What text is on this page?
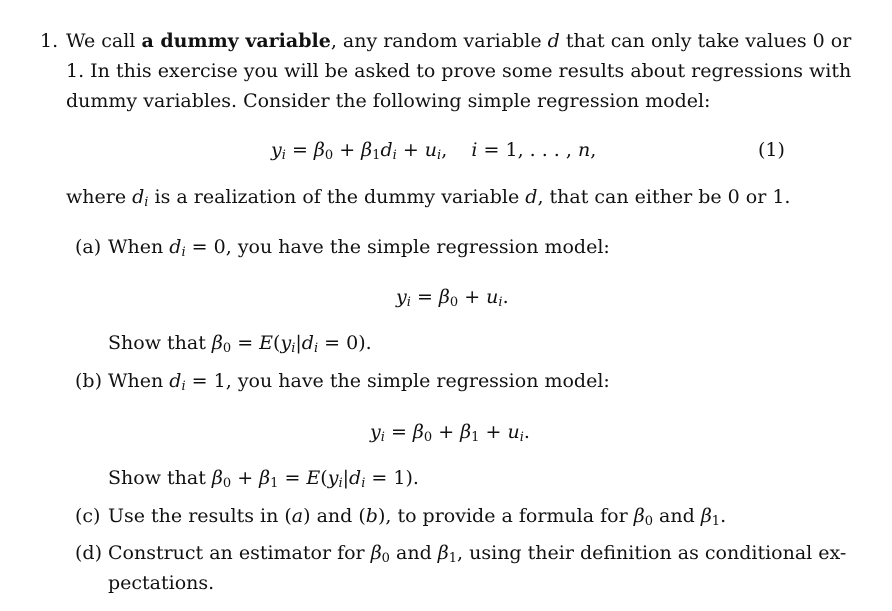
1. We call a dummy variable, any random variable d that can only take values 0 or
1. In this exercise you will be asked to prove some results about regressions with
dummy variables. Consider the following simple regression model:
$y_i = \beta_0 + \beta_1d_i + u_i$,    i = 1, . . . , n,	(1)
where $d_i$ is a realization of the dummy variable d, that can either be 0 or 1.
(a) When $d_i = 0$, you have the simple regression model:
$y_i = \beta_0 + u_i$.
Show that $\beta_0 = E(y_i|d_i = 0)$.
(b) When $d_i = 1$, you have the simple regression model:
$y_i = \beta_0 + \beta_1 + u_i$.
Show that $\beta_0 + \beta_1 = E(y_i|d_i = 1)$.
(c) Use the results in (a) and (b), to provide a formula for $\beta_0$ and $\beta_1$.
(d) Construct an estimator for $\beta_0$ and $\beta_1$, using their definition as conditional ex-
pectations.
